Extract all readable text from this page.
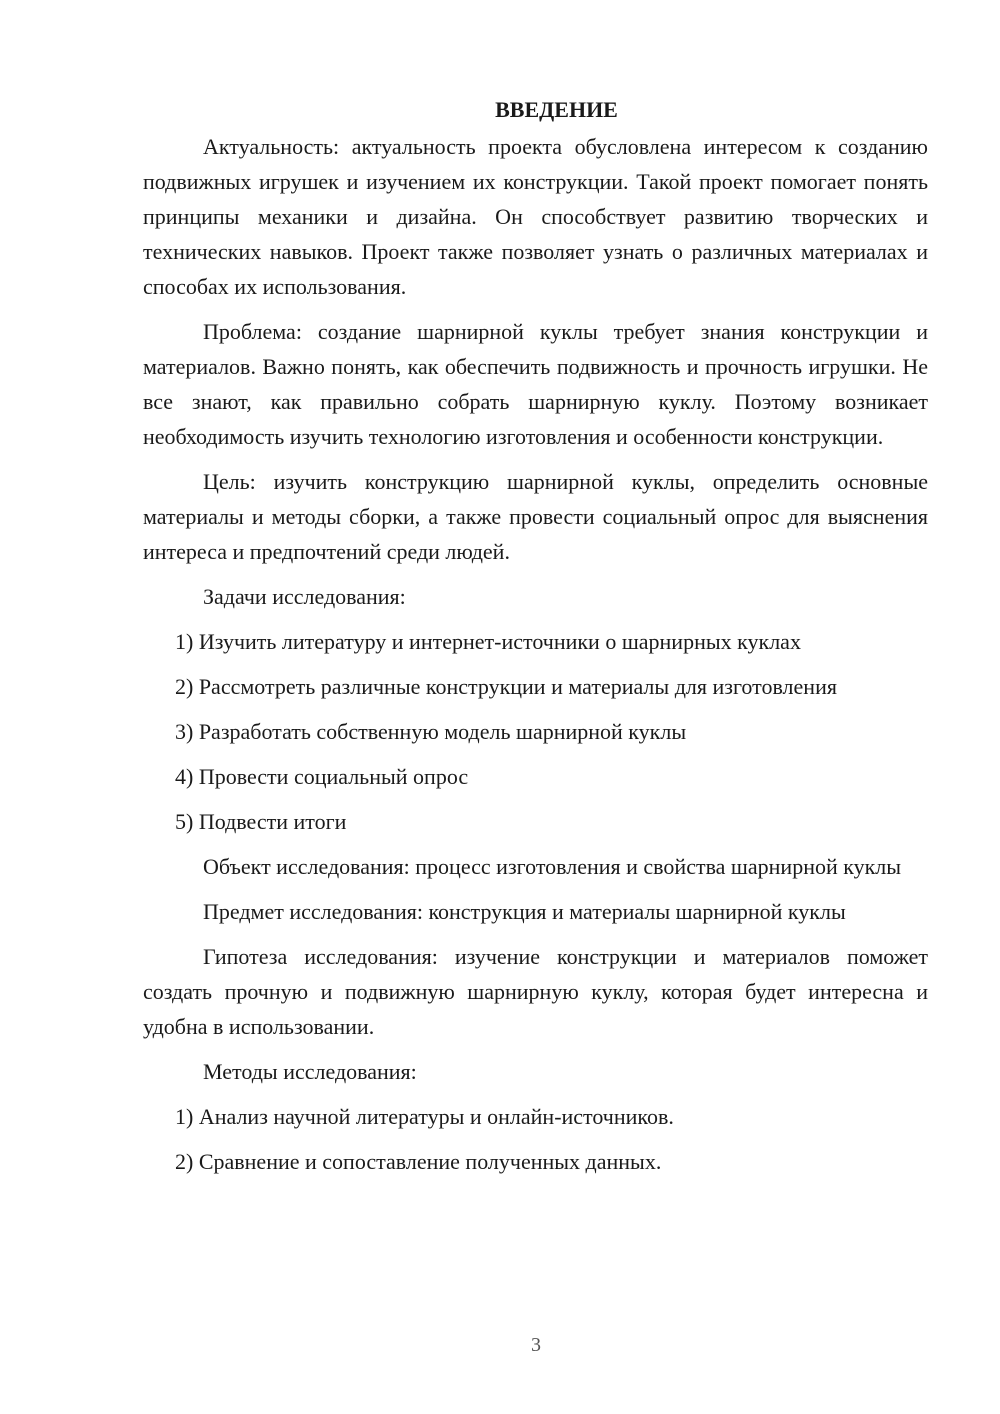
ВВЕДЕНИЕ

Актуальность: актуальность проекта обусловлена интересом к созданию подвижных игрушек и изучением их конструкции. Такой проект помогает понять принципы механики и дизайна. Он способствует развитию творческих и технических навыков. Проект также позволяет узнать о различных материалах и способах их использования.

Проблема: создание шарнирной куклы требует знания конструкции и материалов. Важно понять, как обеспечить подвижность и прочность игрушки. Не все знают, как правильно собрать шарнирную куклу. Поэтому возникает необходимость изучить технологию изготовления и особенности конструкции.

Цель: изучить конструкцию шарнирной куклы, определить основные материалы и методы сборки, а также провести социальный опрос для выяснения интереса и предпочтений среди людей.

Задачи исследования:

1) Изучить литературу и интернет-источники о шарнирных куклах
2) Рассмотреть различные конструкции и материалы для изготовления
3) Разработать собственную модель шарнирной куклы
4) Провести социальный опрос
5) Подвести итоги

Объект исследования: процесс изготовления и свойства шарнирной куклы

Предмет исследования: конструкция и материалы шарнирной куклы

Гипотеза исследования: изучение конструкции и материалов поможет создать прочную и подвижную шарнирную куклу, которая будет интересна и удобна в использовании.

Методы исследования:

1) Анализ научной литературы и онлайн-источников.
2) Сравнение и сопоставление полученных данных.
3
